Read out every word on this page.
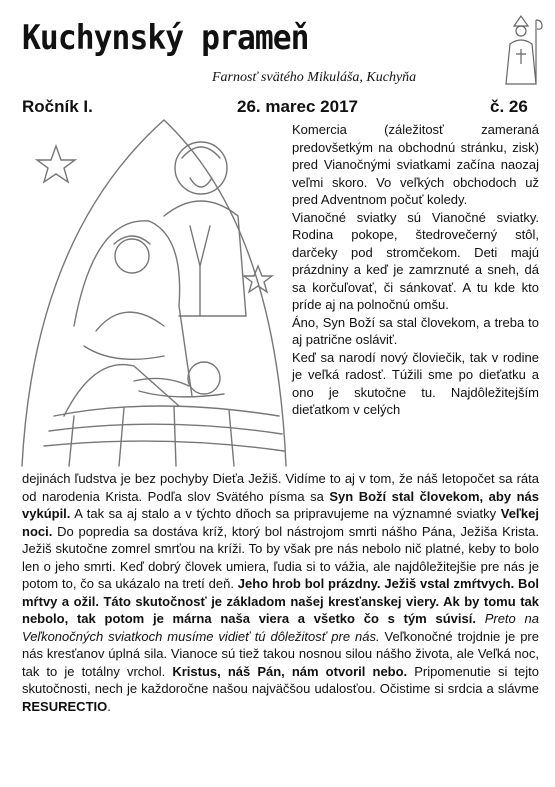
Kuchynský prameň
Farnosť svätého Mikuláša, Kuchyňa
Ročník I.	26. marec 2017	č. 26

Komercia (záležitosť zameraná predovšetkým na obchodnú stránku, zisk) pred Vianočnými sviatkami začína naozaj veľmi skoro. Vo veľkých obchodoch už pred Adventnom počuť koledy.

Vianočné sviatky sú Vianočné sviatky. Rodina pokope, štedrovečerný stôl, darčeky pod stromčekom. Deti majú prázdniny a keď je zamrznuté a sneh, dá sa korčuľovať, či sánkovať. A tu kde kto príde aj na polnočnú omšu.

Áno, Syn Boží sa stal človekom, a treba to aj patrične osláviť.

Keď sa narodí nový človiečik, tak v rodine je veľká radosť. Túžili sme po dieťatku a ono je skutočne tu. Najdôležitejším dieťatkom v celých

dejinách ľudstva je bez pochyby Dieťa Ježiš. Vidíme to aj v tom, že náš letopočet sa ráta od narodenia Krista. Podľa slov Svätého písma sa Syn Boží stal človekom, aby nás vykúpil. A tak sa aj stalo a v týchto dňoch sa pripravujeme na významné sviatky Veľkej noci. Do popredia sa dostáva kríž, ktorý bol nástrojom smrti nášho Pána, Ježiša Krista. Ježiš skutočne zomrel smrťou na kríži. To by však pre nás nebolo nič platné, keby to bolo len o jeho smrti. Keď dobrý človek umiera, ľudia si to vážia, ale najdôležitejšie pre nás je potom to, čo sa ukázalo na tretí deň. Jeho hrob bol prázdny. Ježiš vstal zmŕtvych. Bol mŕtvy a ožil. Táto skutočnosť je základom našej kresťanskej viery. Ak by tomu tak nebolo, tak potom je márna naša viera a všetko čo s tým súvisí. Preto na Veľkonočných sviatkoch musíme vidieť tú dôležitosť pre nás. Veľkonočné trojdnie je pre nás kresťanov úplná sila. Vianoce sú tiež takou nosnou silou nášho života, ale Veľká noc, tak to je totálny vrchol. Kristus, náš Pán, nám otvoril nebo. Pripomenutie si tejto skutočnosti, nech je každoročne našou najväčšou udalosťou. Očistime si srdcia a slávme RESURECTIO.
